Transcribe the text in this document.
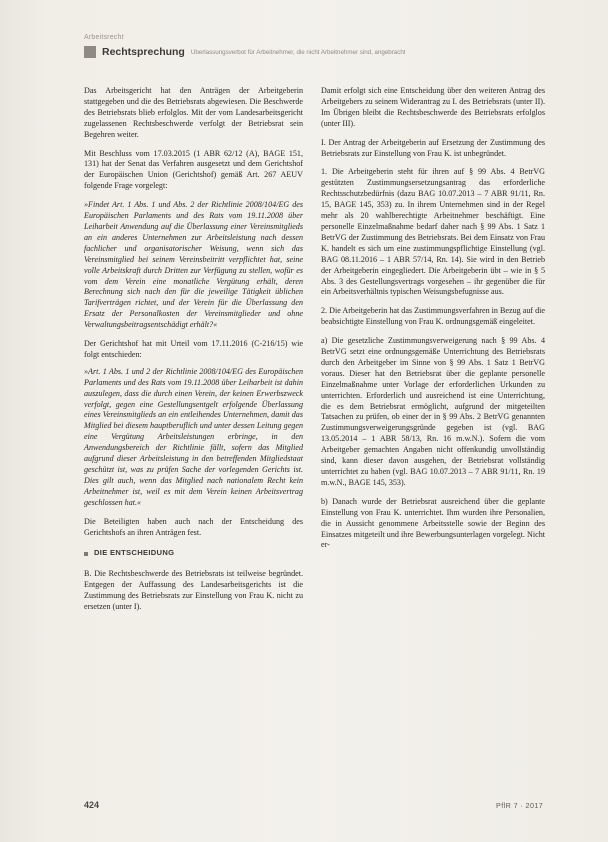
Arbeitsrecht
Rechtsprechung Überlassungsverbot für Arbeitnehmer, die nicht Arbeitnehmer sind, angebracht

Das Arbeitsgericht hat den Anträgen der Arbeitgeberin stattgegeben und die des Betriebsrats abgewiesen. Die Beschwerde des Betriebsrats blieb erfolglos. Mit der vom Landesarbeitsgericht zugelassenen Rechtsbeschwerde verfolgt der Betriebsrat sein Begehren weiter.

Mit Beschluss vom 17.03.2015 (1 ABR 62/12 (A), BAGE 151, 131) hat der Senat das Verfahren ausgesetzt und dem Gerichtshof der Europäischen Union (Gerichtshof) gemäß Art. 267 AEUV folgende Frage vorgelegt:

»Findet Art. 1 Abs. 1 und Abs. 2 der Richtlinie 2008/104/EG des Europäischen Parlaments und des Rats vom 19.11.2008 über Leiharbeit Anwendung auf die Überlassung einer Vereinsmitglieds an ein anderes Unternehmen zur Arbeitsleistung nach dessen fachlicher und organisatorischer Weisung, wenn sich das Vereinsmitglied bei seinem Vereinsbeitritt verpflichtet hat, seine volle Arbeitskraft durch Dritten zur Verfügung zu stellen, wofür es vom dem Verein eine monatliche Vergütung erhält, deren Berechnung sich nach den für die jeweilige Tätigkeit üblichen Tarifverträgen richtet, und der Verein für die Überlassung den Ersatz der Personalkosten der Vereinsmitglieder und ohne Verwaltungsbeitragsentschädigt erhält?«

Der Gerichtshof hat mit Urteil vom 17.11.2016 (C-216/15) wie folgt entschieden:

»Art. 1 Abs. 1 und 2 der Richtlinie 2008/104/EG des Europäischen Parlaments und des Rats vom 19.11.2008 über Leiharbeit ist dahin auszulegen, dass die durch einen Verein, der keinen Erwerbszweck verfolgt, gegen eine Gestellungsentgelt erfolgende Überlassung eines Vereinsmitglieds an ein entleihendes Unternehmen, damit das Mitglied bei diesem hauptberuflich und unter dessen Leitung gegen eine Vergütung Arbeitsleistungen erbringe, in den Anwendungsbereich der Richtlinie fällt, sofern das Mitglied aufgrund dieser Arbeitsleistung in den betreffenden Mitgliedstaat geschützt ist, was zu prüfen Sache der vorlegenden Gerichts ist. Dies gilt auch, wenn das Mitglied nach nationalem Recht kein Arbeitnehmer ist, weil es mit dem Verein keinen Arbeitsvertrag geschlossen hat.«

Die Beteiligten haben auch nach der Entscheidung des Gerichtshofs an ihren Anträgen fest.

DIE ENTSCHEIDUNG

B. Die Rechtsbeschwerde des Betriebsrats ist teilweise begründet. Entgegen der Auffassung des Landesarbeitsgerichts ist die Zustimmung des Betriebsrats zur Einstellung von Frau K. nicht zu ersetzen (unter I).

Damit erfolgt sich eine Entscheidung über den weiteren Antrag des Arbeitgebers zu seinem Widerantrag zu I. des Betriebsrats (unter II). Im Übrigen bleibt die Rechtsbeschwerde des Betriebsrats erfolglos (unter III).

I. Der Antrag der Arbeitgeberin auf Ersetzung der Zustimmung des Betriebsrats zur Einstellung von Frau K. ist unbegründet.

1. Die Arbeitgeberin steht für ihren auf § 99 Abs. 4 BetrVG gestützten Zustimmungsersetzungsantrag das erforderliche Rechtsschutzbedürfnis (dazu BAG 10.07.2013 – 7 ABR 91/11, Rn. 15, BAGE 145, 353) zu. In ihrem Unternehmen sind in der Regel mehr als 20 wahlberechtigte Arbeitnehmer beschäftigt. Eine personelle Einzelmaßnahme bedarf daher nach § 99 Abs. 1 Satz 1 BetrVG der Zustimmung des Betriebsrats. Bei dem Einsatz von Frau K. handelt es sich um eine zustimmungspflichtige Einstellung (vgl. BAG 08.11.2016 – 1 ABR 57/14, Rn. 14). Sie wird in den Betrieb der Arbeitgeberin eingegliedert. Die Arbeitgeberin übt – wie in § 5 Abs. 3 des Gestellungsvertrags vorgesehen – ihr gegenüber die für ein Arbeitsverhältnis typischen Weisungsbefugnisse aus.

2. Die Arbeitgeberin hat das Zustimmungsverfahren in Bezug auf die beabsichtigte Einstellung von Frau K. ordnungsgemäß eingeleitet.

a) Die gesetzliche Zustimmungsverweigerung nach § 99 Abs. 4 BetrVG setzt eine ordnungsgemäße Unterrichtung des Betriebsrats durch den Arbeitgeber im Sinne von § 99 Abs. 1 Satz 1 BetrVG voraus. Dieser hat den Betriebsrat über die geplante personelle Einzelmaßnahme unter Vorlage der erforderlichen Urkunden zu unterrichten. Erforderlich und ausreichend ist eine Unterrichtung, die es dem Betriebsrat ermöglicht, aufgrund der mitgeteilten Tatsachen zu prüfen, ob einer der in § 99 Abs. 2 BetrVG genannten Zustimmungsverweigerungsgründe gegeben ist (vgl. BAG 13.05.2014 – 1 ABR 58/13, Rn. 16 m.w.N.). Sofern die vom Arbeitgeber gemachten Angaben nicht offenkundig unvollständig sind, kann dieser davon ausgehen, der Betriebsrat vollständig unterrichtet zu haben (vgl. BAG 10.07.2013 – 7 ABR 91/11, Rn. 19 m.w.N., BAGE 145, 353).

b) Danach wurde der Betriebsrat ausreichend über die geplante Einstellung von Frau K. unterrichtet. Ihm wurden ihre Personalien, die in Aussicht genommene Arbeitsstelle sowie der Beginn des Einsatzes mitgeteilt und ihre Bewerbungsunterlagen vorgelegt. Nicht er-

424	PflR 7 · 2017
